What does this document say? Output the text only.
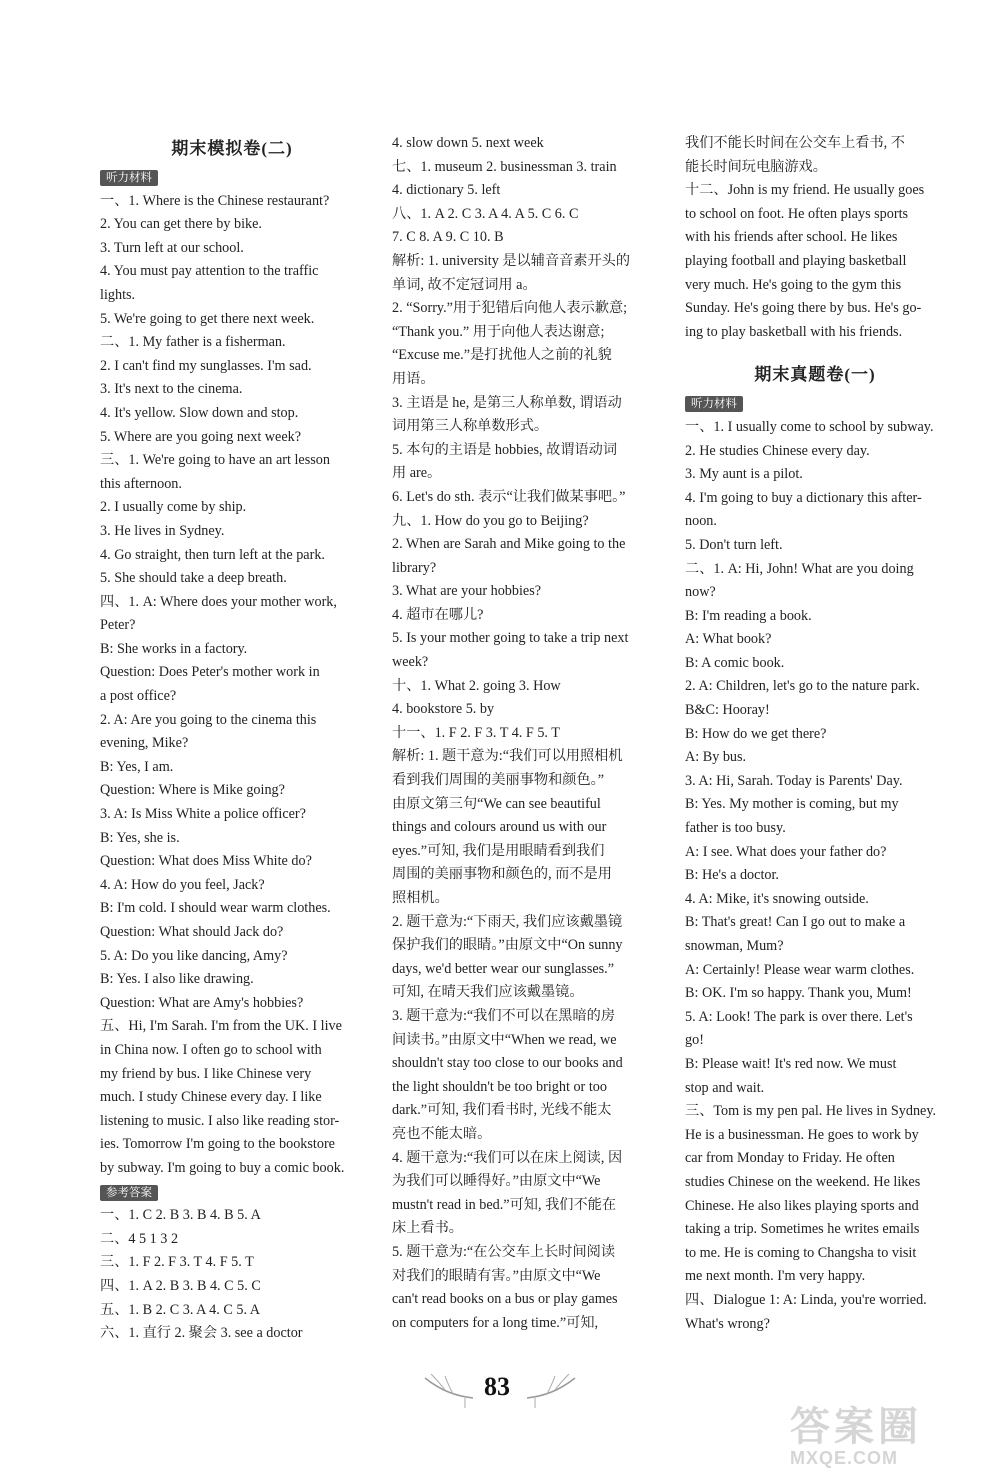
期末模拟卷(二)
听力材料
一、1. Where is the Chinese restaurant?
2. You can get there by bike.
3. Turn left at our school.
4. You must pay attention to the traffic
lights.
5. We're going to get there next week.
二、1. My father is a fisherman.
2. I can't find my sunglasses. I'm sad.
3. It's next to the cinema.
4. It's yellow. Slow down and stop.
5. Where are you going next week?
三、1. We're going to have an art lesson
this afternoon.
2. I usually come by ship.
3. He lives in Sydney.
4. Go straight, then turn left at the park.
5. She should take a deep breath.
四、1. A: Where does your mother work,
Peter?
B: She works in a factory.
Question: Does Peter's mother work in
a post office?
2. A: Are you going to the cinema this
evening, Mike?
B: Yes, I am.
Question: Where is Mike going?
3. A: Is Miss White a police officer?
B: Yes, she is.
Question: What does Miss White do?
4. A: How do you feel, Jack?
B: I'm cold. I should wear warm clothes.
Question: What should Jack do?
5. A: Do you like dancing, Amy?
B: Yes. I also like drawing.
Question: What are Amy's hobbies?
五、Hi, I'm Sarah. I'm from the UK. I live
in China now. I often go to school with
my friend by bus. I like Chinese very
much. I study Chinese every day. I like
listening to music. I also like reading stor-
ies. Tomorrow I'm going to the bookstore
by subway. I'm going to buy a comic book.
参考答案
一、1. C 2. B 3. B 4. B 5. A
二、4 5 1 3 2
三、1. F 2. F 3. T 4. F 5. T
四、1. A 2. B 3. B 4. C 5. C
五、1. B 2. C 3. A 4. C 5. A
六、1. 直行 2. 聚会 3. see a doctor
4. slow down 5. next week
七、1. museum 2. businessman 3. train
4. dictionary 5. left
八、1. A 2. C 3. A 4. A 5. C 6. C
7. C 8. A 9. C 10. B
解析: 1. university 是以辅音音素开头的
单词, 故不定冠词用 a。
2. “Sorry.”用于犯错后向他人表示歉意;
“Thank you.” 用于向他人表达谢意;
“Excuse me.”是打扰他人之前的礼貌
用语。
3. 主语是 he, 是第三人称单数, 谓语动
词用第三人称单数形式。
5. 本句的主语是 hobbies, 故谓语动词
用 are。
6. Let's do sth. 表示“让我们做某事吧。”
九、1. How do you go to Beijing?
2. When are Sarah and Mike going to the
library?
3. What are your hobbies?
4. 超市在哪儿?
5. Is your mother going to take a trip next
week?
十、1. What 2. going 3. How
4. bookstore 5. by
十一、1. F 2. F 3. T 4. F 5. T
解析: 1. 题干意为:“我们可以用照相机
看到我们周围的美丽事物和颜色。”
由原文第三句“We can see beautiful
things and colours around us with our
eyes.”可知, 我们是用眼睛看到我们
周围的美丽事物和颜色的, 而不是用
照相机。
2. 题干意为:“下雨天, 我们应该戴墨镜
保护我们的眼睛。”由原文中“On sunny
days, we'd better wear our sunglasses.”
可知, 在晴天我们应该戴墨镜。
3. 题干意为:“我们不可以在黑暗的房
间读书。”由原文中“When we read, we
shouldn't stay too close to our books and
the light shouldn't be too bright or too
dark.”可知, 我们看书时, 光线不能太
亮也不能太暗。
4. 题干意为:“我们可以在床上阅读, 因
为我们可以睡得好。”由原文中“We
mustn't read in bed.”可知, 我们不能在
床上看书。
5. 题干意为:“在公交车上长时间阅读
对我们的眼睛有害。”由原文中“We
can't read books on a bus or play games
on computers for a long time.”可知,
我们不能长时间在公交车上看书, 不
能长时间玩电脑游戏。
十二、John is my friend. He usually goes
to school on foot. He often plays sports
with his friends after school. He likes
playing football and playing basketball
very much. He's going to the gym this
Sunday. He's going there by bus. He's go-
ing to play basketball with his friends.
期末真题卷(一)
听力材料
一、1. I usually come to school by subway.
2. He studies Chinese every day.
3. My aunt is a pilot.
4. I'm going to buy a dictionary this after-
noon.
5. Don't turn left.
二、1. A: Hi, John! What are you doing
now?
B: I'm reading a book.
A: What book?
B: A comic book.
2. A: Children, let's go to the nature park.
B&C: Hooray!
B: How do we get there?
A: By bus.
3. A: Hi, Sarah. Today is Parents' Day.
B: Yes. My mother is coming, but my
father is too busy.
A: I see. What does your father do?
B: He's a doctor.
4. A: Mike, it's snowing outside.
B: That's great! Can I go out to make a
snowman, Mum?
A: Certainly! Please wear warm clothes.
B: OK. I'm so happy. Thank you, Mum!
5. A: Look! The park is over there. Let's
go!
B: Please wait! It's red now. We must
stop and wait.
三、Tom is my pen pal. He lives in Sydney.
He is a businessman. He goes to work by
car from Monday to Friday. He often
studies Chinese on the weekend. He likes
Chinese. He also likes playing sports and
taking a trip. Sometimes he writes emails
to me. He is coming to Changsha to visit
me next month. I'm very happy.
四、Dialogue 1: A: Linda, you're worried.
What's wrong?
83
答案圈
MXQE.COM
